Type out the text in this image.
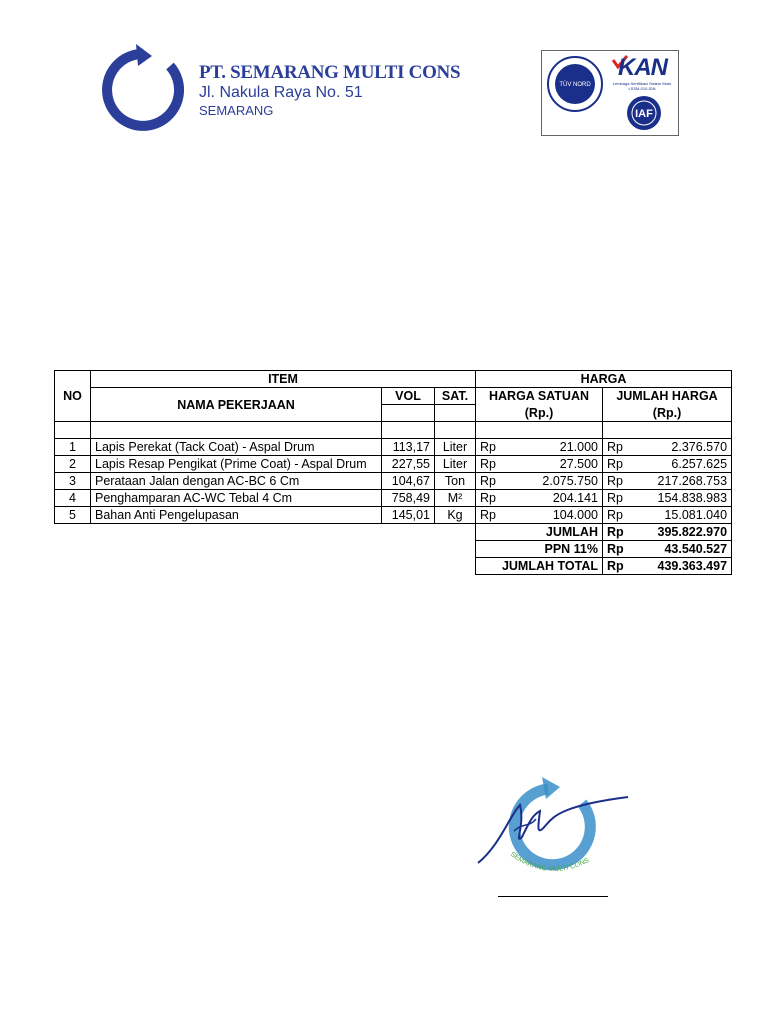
PT. SEMARANG MULTI CONS
Jl. Nakula Raya No. 51
SEMARANG
TÜV NORD
KAN
Lembaga Sertifikasi Sistem Mutu LSSM-010-IDN
IAF
NO	ITEM			HARGA			
	NAMA PEKERJAAN	VOL	SAT.	HARGA SATUAN		JUMLAH HARGA	
				(Rp.)		(Rp.)	

1	Lapis Perekat (Tack Coat) - Aspal Drum	113,17	Liter	Rp	21.000	Rp	2.376.570
2	Lapis Resap Pengikat (Prime Coat) - Aspal Drum	227,55	Liter	Rp	27.500	Rp	6.257.625
3	Perataan Jalan dengan AC-BC 6 Cm	104,67	Ton	Rp	2.075.750	Rp	217.268.753
4	Penghamparan AC-WC Tebal 4 Cm	758,49	M²	Rp	204.141	Rp	154.838.983
5	Bahan Anti Pengelupasan	145,01	Kg	Rp	104.000	Rp	15.081.040
				JUMLAH		Rp	395.822.970
				PPN 11%		Rp	43.540.527
				JUMLAH TOTAL		Rp	439.363.497
SEMARANG MULTI CONS
